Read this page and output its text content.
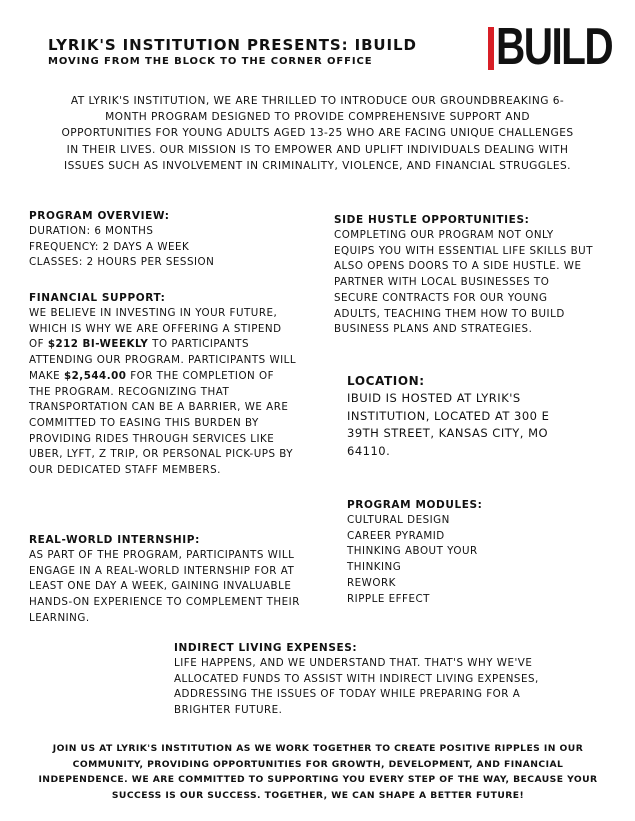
LYRIK'S INSTITUTION PRESENTS: IBUILD

MOVING FROM THE BLOCK TO THE CORNER OFFICE BUILD

AT LYRIK'S INSTITUTION, WE ARE THRILLED TO INTRODUCE OUR GROUNDBREAKING 6-MONTH PROGRAM DESIGNED TO PROVIDE COMPREHENSIVE SUPPORT AND OPPORTUNITIES FOR YOUNG ADULTS AGED 13-25 WHO ARE FACING UNIQUE CHALLENGES IN THEIR LIVES. OUR MISSION IS TO EMPOWER AND UPLIFT INDIVIDUALS DEALING WITH ISSUES SUCH AS INVOLVEMENT IN CRIMINALITY, VIOLENCE, AND FINANCIAL STRUGGLES.

PROGRAM OVERVIEW:

DURATION: 6 MONTHS
FREQUENCY: 2 DAYS A WEEK
CLASSES: 2 HOURS PER SESSION

FINANCIAL SUPPORT:

WE BELIEVE IN INVESTING IN YOUR FUTURE, WHICH IS WHY WE ARE OFFERING A STIPEND OF $212 BI-WEEKLY TO PARTICIPANTS ATTENDING OUR PROGRAM. PARTICIPANTS WILL MAKE $2,544.00 FOR THE COMPLETION OF THE PROGRAM. RECOGNIZING THAT TRANSPORTATION CAN BE A BARRIER, WE ARE COMMITTED TO EASING THIS BURDEN BY PROVIDING RIDES THROUGH SERVICES LIKE UBER, LYFT, Z TRIP, OR PERSONAL PICK-UPS BY OUR DEDICATED STAFF MEMBERS.

REAL-WORLD INTERNSHIP:

AS PART OF THE PROGRAM, PARTICIPANTS WILL ENGAGE IN A REAL-WORLD INTERNSHIP FOR AT LEAST ONE DAY A WEEK, GAINING INVALUABLE HANDS-ON EXPERIENCE TO COMPLEMENT THEIR LEARNING.

SIDE HUSTLE OPPORTUNITIES:

COMPLETING OUR PROGRAM NOT ONLY EQUIPS YOU WITH ESSENTIAL LIFE SKILLS BUT ALSO OPENS DOORS TO A SIDE HUSTLE. WE PARTNER WITH LOCAL BUSINESSES TO SECURE CONTRACTS FOR OUR YOUNG ADULTS, TEACHING THEM HOW TO BUILD BUSINESS PLANS AND STRATEGIES.

LOCATION:

IBUID IS HOSTED AT LYRIK'S INSTITUTION, LOCATED AT 300 E 39TH STREET, KANSAS CITY, MO 64110.

PROGRAM MODULES:

CULTURAL DESIGN
CAREER PYRAMID
THINKING ABOUT YOUR THINKING
REWORK
RIPPLE EFFECT

INDIRECT LIVING EXPENSES:

LIFE HAPPENS, AND WE UNDERSTAND THAT. THAT'S WHY WE'VE ALLOCATED FUNDS TO ASSIST WITH INDIRECT LIVING EXPENSES, ADDRESSING THE ISSUES OF TODAY WHILE PREPARING FOR A BRIGHTER FUTURE.

JOIN US AT LYRIK'S INSTITUTION AS WE WORK TOGETHER TO CREATE POSITIVE RIPPLES IN OUR COMMUNITY, PROVIDING OPPORTUNITIES FOR GROWTH, DEVELOPMENT, AND FINANCIAL INDEPENDENCE. WE ARE COMMITTED TO SUPPORTING YOU EVERY STEP OF THE WAY, BECAUSE YOUR SUCCESS IS OUR SUCCESS. TOGETHER, WE CAN SHAPE A BETTER FUTURE!
